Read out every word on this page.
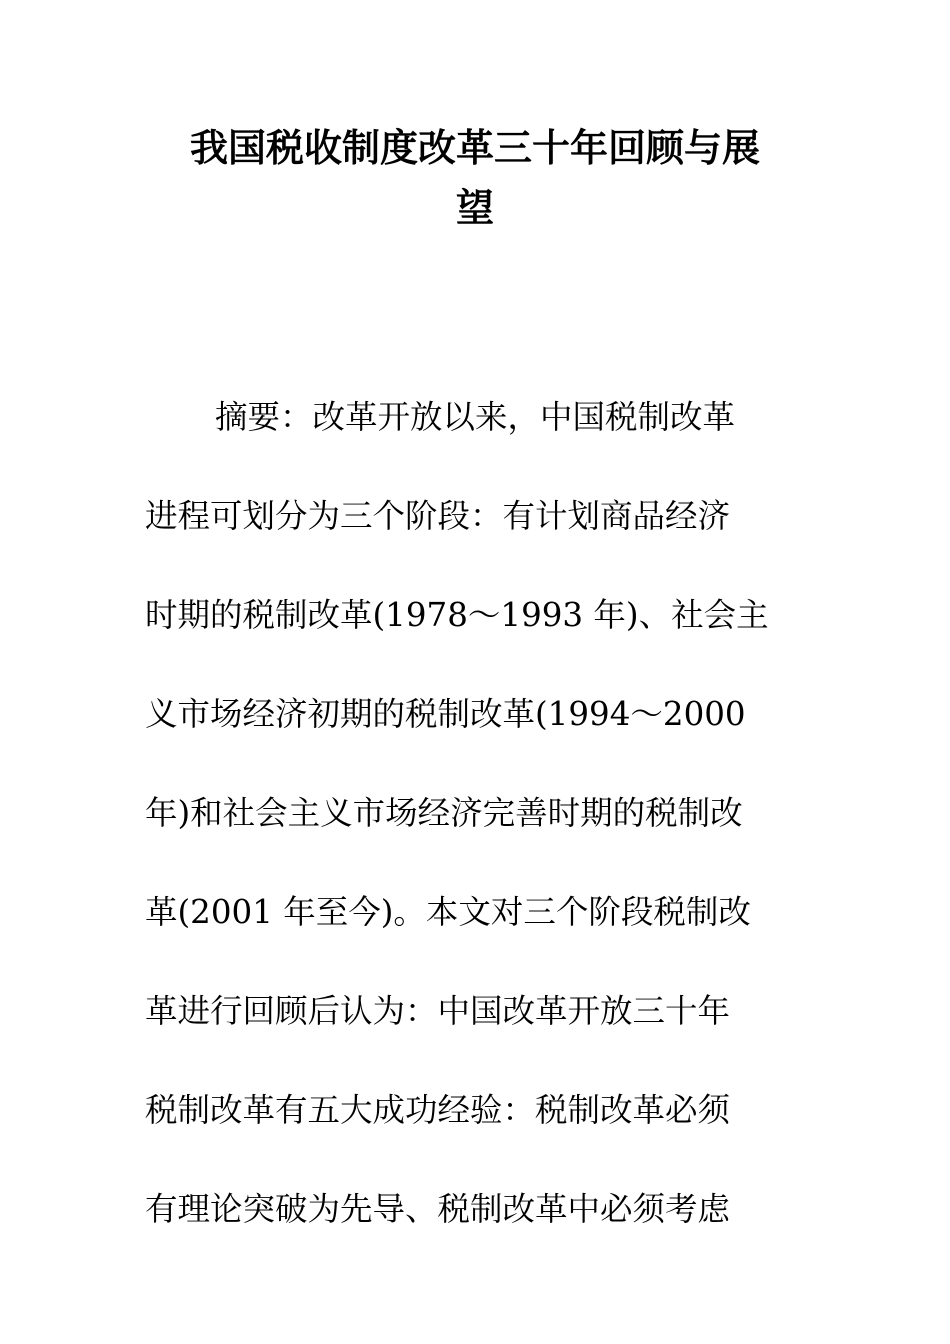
我国税收制度改革三十年回顾与展
望
摘要：改革开放以来，中国税制改革
进程可划分为三个阶段：有计划商品经济
时期的税制改革(1978～1993 年)、社会主
义市场经济初期的税制改革(1994～2000
年)和社会主义市场经济完善时期的税制改
革(2001 年至今)。本文对三个阶段税制改
革进行回顾后认为：中国改革开放三十年
税制改革有五大成功经验：税制改革必须
有理论突破为先导、税制改革中必须考虑
